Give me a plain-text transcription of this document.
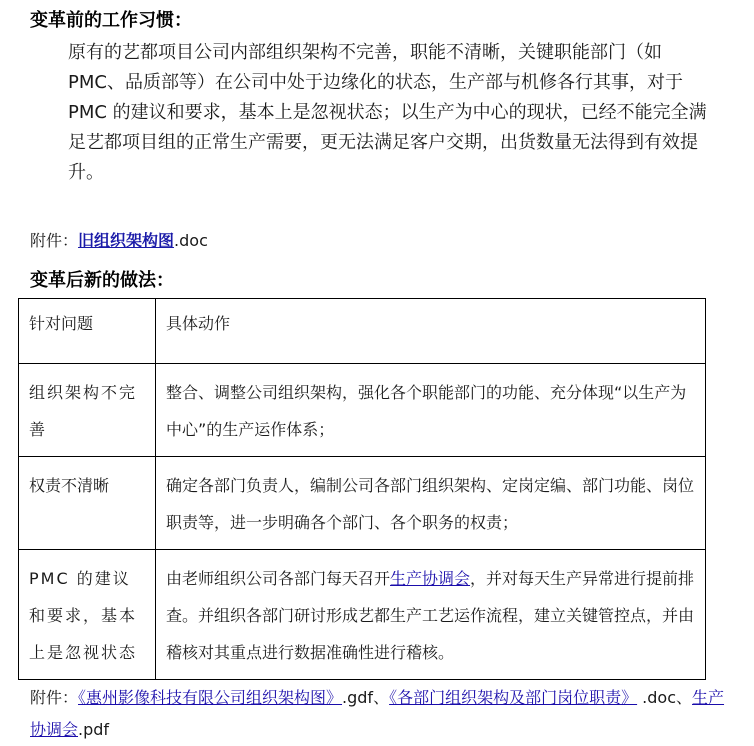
变革前的工作习惯：

原有的艺都项目公司内部组织架构不完善，职能不清晰，关键职能部门（如PMC、品质部等）在公司中处于边缘化的状态，生产部与机修各行其事，对于PMC 的建议和要求，基本上是忽视状态；以生产为中心的现状，已经不能完全满足艺都项目组的正常生产需要，更无法满足客户交期，出货数量无法得到有效提升。

附件：旧组织架构图.doc
变革后新的做法：
针对问题	具体动作
组织架构不完善	整合、调整公司组织架构，强化各个职能部门的功能、充分体现“以生产为中心”的生产运作体系；
权责不清晰	确定各部门负责人，编制公司各部门组织架构、定岗定编、部门功能、岗位职责等，进一步明确各个部门、各个职务的权责；
PMC 的建议和要求，基本上是忽视状态	由老师组织公司各部门每天召开生产协调会，并对每天生产异常进行提前排查。并组织各部门研讨形成艺都生产工艺运作流程，建立关键管控点，并由稽核对其重点进行数据准确性进行稽核。
附件：《惠州影像科技有限公司组织架构图》.gdf、《各部门组织架构及部门岗位职责》 .doc、生产协调会.pdf
